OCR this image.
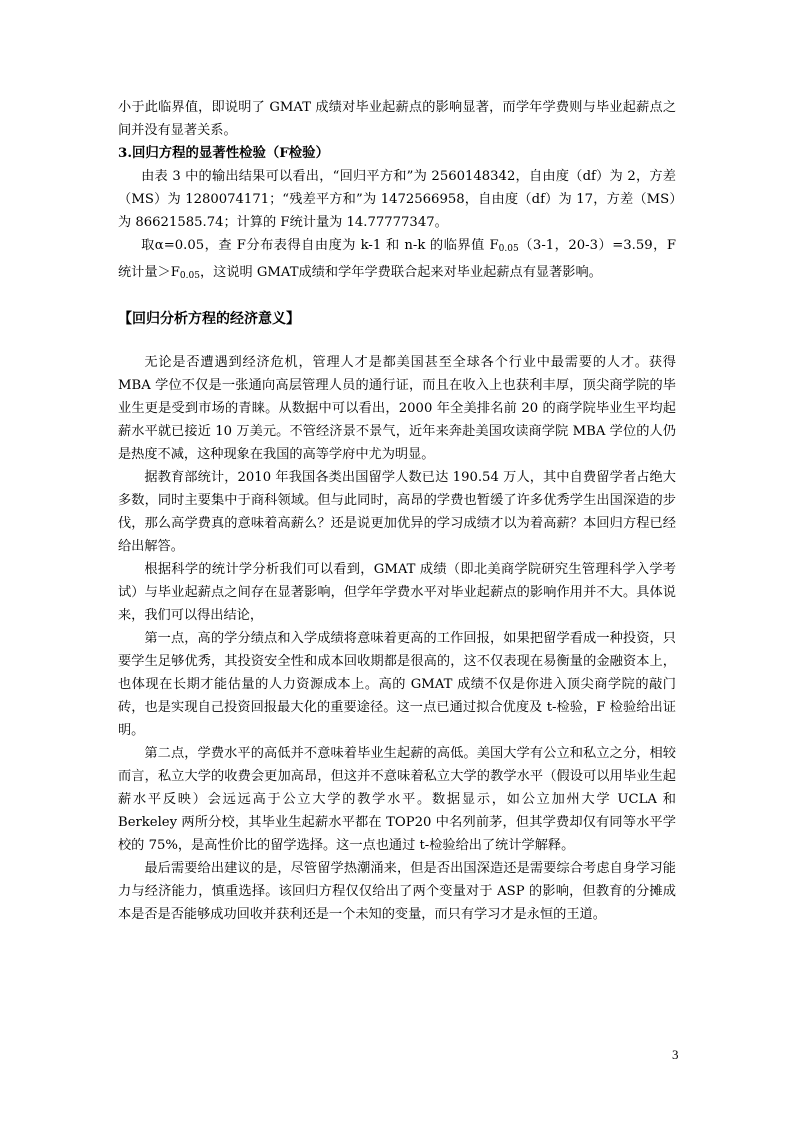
小于此临界值，即说明了 GMAT 成绩对毕业起薪点的影响显著，而学年学费则与毕业起薪点之间并没有显著关系。

3.回归方程的显著性检验（F检验）

由表 3 中的输出结果可以看出，“回归平方和”为 2560148342，自由度（df）为 2，方差（MS）为 1280074171；“残差平方和”为 1472566958，自由度（df）为 17，方差（MS）为 86621585.74；计算的 F统计量为 14.77777347。

取α=0.05，查 F分布表得自由度为 k-1 和 n-k 的临界值 $F_{0.05}(3-1$，20-3）=3.59，F 统计量$>F_{0.05}$，这说明 GMAT成绩和学年学费联合起来对毕业起薪点有显著影响。

【回归分析方程的经济意义】

无论是否遭遇到经济危机，管理人才是都美国甚至全球各个行业中最需要的人才。获得 MBA 学位不仅是一张通向高层管理人员的通行证，而且在收入上也获利丰厚，顶尖商学院的毕业生更是受到市场的青睐。从数据中可以看出，2000 年全美排名前 20 的商学院毕业生平均起薪水平就已接近 10 万美元。不管经济景不景气，近年来奔赴美国攻读商学院 MBA 学位的人仍是热度不减，这种现象在我国的高等学府中尤为明显。

据教育部统计，2010 年我国各类出国留学人数已达 190.54 万人，其中自费留学者占绝大多数，同时主要集中于商科领域。但与此同时，高昂的学费也暂缓了许多优秀学生出国深造的步伐，那么高学费真的意味着高薪么？还是说更加优异的学习成绩才以为着高薪？本回归方程已经给出解答。

根据科学的统计学分析我们可以看到，GMAT 成绩（即北美商学院研究生管理科学入学考试）与毕业起薪点之间存在显著影响，但学年学费水平对毕业起薪点的影响作用并不大。具体说来，我们可以得出结论，

第一点，高的学分绩点和入学成绩将意味着更高的工作回报，如果把留学看成一种投资，只要学生足够优秀，其投资安全性和成本回收期都是很高的，这不仅表现在易衡量的金融资本上，也体现在长期才能估量的人力资源成本上。高的 GMAT 成绩不仅是你进入顶尖商学院的敲门砖，也是实现自己投资回报最大化的重要途径。这一点已通过拟合优度及 t-检验，F 检验给出证明。

第二点，学费水平的高低并不意味着毕业生起薪的高低。美国大学有公立和私立之分，相较而言，私立大学的收费会更加高昂，但这并不意味着私立大学的教学水平（假设可以用毕业生起薪水平反映）会远远高于公立大学的教学水平。数据显示，如公立加州大学 UCLA 和 Berkeley 两所分校，其毕业生起薪水平都在 TOP20 中名列前茅，但其学费却仅有同等水平学校的 75%，是高性价比的留学选择。这一点也通过 t-检验给出了统计学解释。

最后需要给出建议的是，尽管留学热潮涌来，但是否出国深造还是需要综合考虑自身学习能力与经济能力，慎重选择。该回归方程仅仅给出了两个变量对于 ASP 的影响，但教育的分摊成本是否是否能够成功回收并获利还是一个未知的变量，而只有学习才是永恒的王道。

3
